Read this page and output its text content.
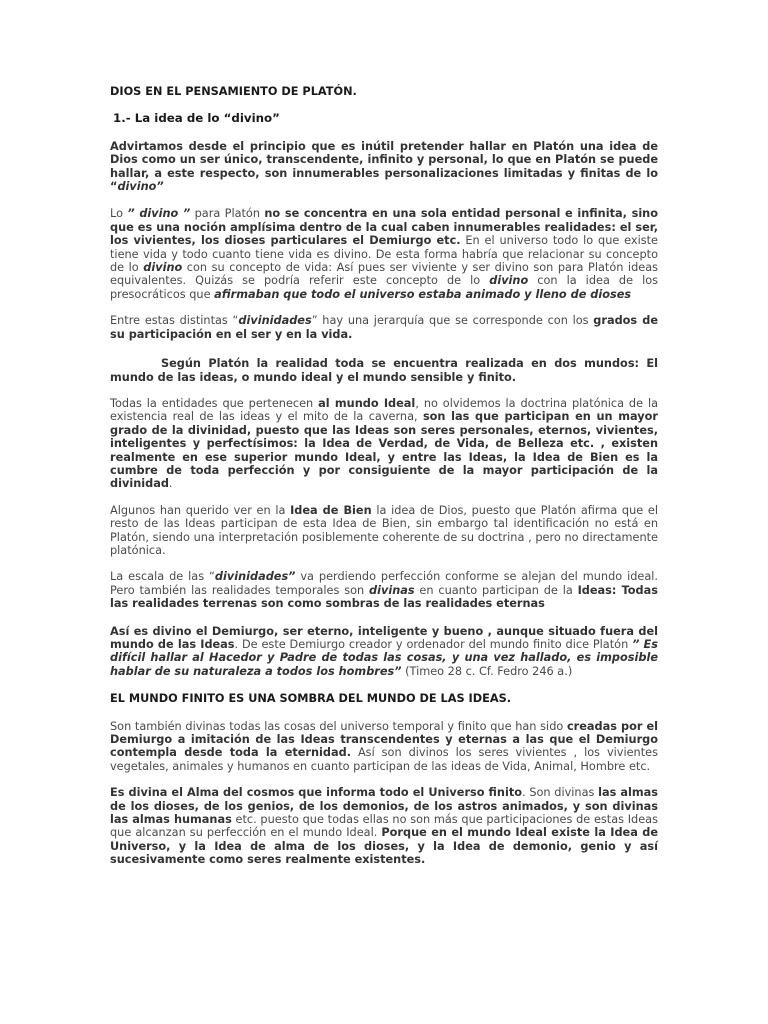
DIOS EN EL PENSAMIENTO DE PLATÓN.

1.- La idea de lo “divino”

Advirtamos desde el principio que es inútil pretender hallar en Platón una idea de Dios como un ser único, transcendente, infinito y personal, lo que en Platón se puede hallar, a este respecto, son innumerables personalizaciones limitadas y finitas de lo “divino”

Lo ” divino ” para Platón no se concentra en una sola entidad personal e infinita, sino que es una noción amplísima dentro de la cual caben innumerables realidades: el ser, los vivientes, los dioses particulares el Demiurgo etc. En el universo todo lo que existe tiene vida y todo cuanto tiene vida es divino. De esta forma habría que relacionar su concepto de lo divino con su concepto de vida: Así pues ser viviente y ser divino son para Platón ideas equivalentes. Quizás se podría referir este concepto de lo divino con la idea de los presocráticos que afirmaban que todo el universo estaba animado y lleno de dioses

Entre estas distintas “divinidades” hay una jerarquía que se corresponde con los grados de su participación en el ser y en la vida.

Según Platón la realidad toda se encuentra realizada en dos mundos: El mundo de las ideas, o mundo ideal y el mundo sensible y finito.

Todas la entidades que pertenecen al mundo Ideal, no olvidemos la doctrina platónica de la existencia real de las ideas y el mito de la caverna, son las que participan en un mayor grado de la divinidad, puesto que las Ideas son seres personales, eternos, vivientes, inteligentes y perfectísimos: la Idea de Verdad, de Vida, de Belleza etc. , existen realmente en ese superior mundo Ideal, y entre las Ideas, la Idea de Bien es la cumbre de toda perfección y por consiguiente de la mayor participación de la divinidad.

Algunos han querido ver en la Idea de Bien la idea de Dios, puesto que Platón afirma que el resto de las Ideas participan de esta Idea de Bien, sin embargo tal identificación no está en Platón, siendo una interpretación posiblemente coherente de su doctrina , pero no directamente platónica.

La escala de las “divinidades” va perdiendo perfección conforme se alejan del mundo ideal. Pero también las realidades temporales son divinas en cuanto participan de la Ideas: Todas las realidades terrenas son como sombras de las realidades eternas

Así es divino el Demiurgo, ser eterno, inteligente y bueno , aunque situado fuera del mundo de las Ideas. De este Demiurgo creador y ordenador del mundo finito dice Platón ” Es difícil hallar al Hacedor y Padre de todas las cosas, y una vez hallado, es imposible hablar de su naturaleza a todos los hombres” (Timeo 28 c. Cf. Fedro 246 a.)

EL MUNDO FINITO ES UNA SOMBRA DEL MUNDO DE LAS IDEAS.

Son también divinas todas las cosas del universo temporal y finito que han sido creadas por el Demiurgo a imitación de las Ideas transcendentes y eternas a las que el Demiurgo contempla desde toda la eternidad. Así son divinos los seres vivientes , los vivientes vegetales, animales y humanos en cuanto participan de las ideas de Vida, Animal, Hombre etc.

Es divina el Alma del cosmos que informa todo el Universo finito. Son divinas las almas de los dioses, de los genios, de los demonios, de los astros animados, y son divinas las almas humanas etc. puesto que todas ellas no son más que participaciones de estas Ideas que alcanzan su perfección en el mundo Ideal. Porque en el mundo Ideal existe la Idea de Universo, y la Idea de alma de los dioses, y la Idea de demonio, genio y así sucesivamente como seres realmente existentes.
